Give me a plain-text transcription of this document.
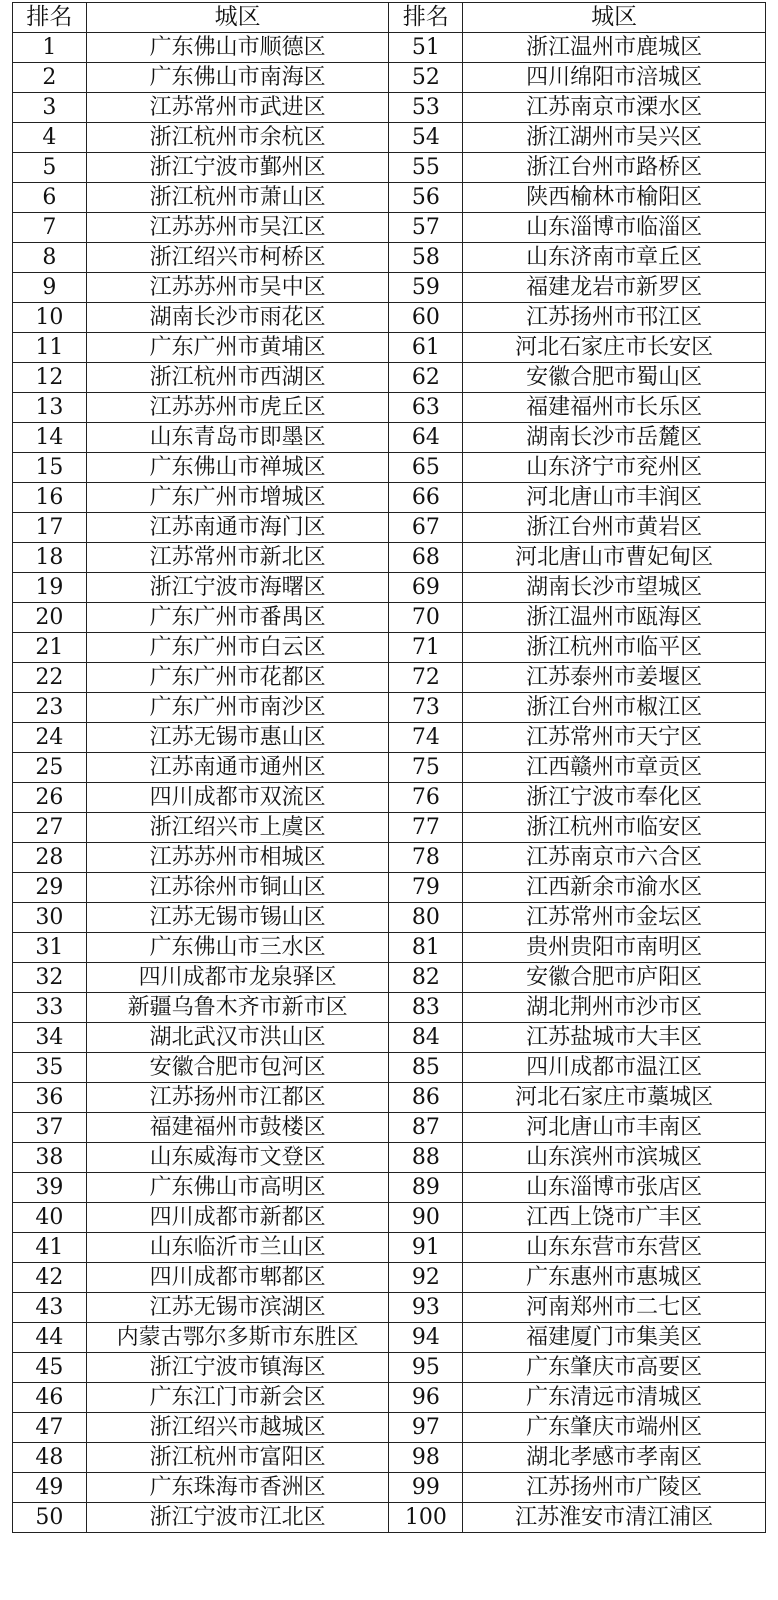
排名	城区	排名	城区
1	广东佛山市顺德区	51	浙江温州市鹿城区
2	广东佛山市南海区	52	四川绵阳市涪城区
3	江苏常州市武进区	53	江苏南京市溧水区
4	浙江杭州市余杭区	54	浙江湖州市吴兴区
5	浙江宁波市鄞州区	55	浙江台州市路桥区
6	浙江杭州市萧山区	56	陕西榆林市榆阳区
7	江苏苏州市吴江区	57	山东淄博市临淄区
8	浙江绍兴市柯桥区	58	山东济南市章丘区
9	江苏苏州市吴中区	59	福建龙岩市新罗区
10	湖南长沙市雨花区	60	江苏扬州市邗江区
11	广东广州市黄埔区	61	河北石家庄市长安区
12	浙江杭州市西湖区	62	安徽合肥市蜀山区
13	江苏苏州市虎丘区	63	福建福州市长乐区
14	山东青岛市即墨区	64	湖南长沙市岳麓区
15	广东佛山市禅城区	65	山东济宁市兖州区
16	广东广州市增城区	66	河北唐山市丰润区
17	江苏南通市海门区	67	浙江台州市黄岩区
18	江苏常州市新北区	68	河北唐山市曹妃甸区
19	浙江宁波市海曙区	69	湖南长沙市望城区
20	广东广州市番禺区	70	浙江温州市瓯海区
21	广东广州市白云区	71	浙江杭州市临平区
22	广东广州市花都区	72	江苏泰州市姜堰区
23	广东广州市南沙区	73	浙江台州市椒江区
24	江苏无锡市惠山区	74	江苏常州市天宁区
25	江苏南通市通州区	75	江西赣州市章贡区
26	四川成都市双流区	76	浙江宁波市奉化区
27	浙江绍兴市上虞区	77	浙江杭州市临安区
28	江苏苏州市相城区	78	江苏南京市六合区
29	江苏徐州市铜山区	79	江西新余市渝水区
30	江苏无锡市锡山区	80	江苏常州市金坛区
31	广东佛山市三水区	81	贵州贵阳市南明区
32	四川成都市龙泉驿区	82	安徽合肥市庐阳区
33	新疆乌鲁木齐市新市区	83	湖北荆州市沙市区
34	湖北武汉市洪山区	84	江苏盐城市大丰区
35	安徽合肥市包河区	85	四川成都市温江区
36	江苏扬州市江都区	86	河北石家庄市藁城区
37	福建福州市鼓楼区	87	河北唐山市丰南区
38	山东威海市文登区	88	山东滨州市滨城区
39	广东佛山市高明区	89	山东淄博市张店区
40	四川成都市新都区	90	江西上饶市广丰区
41	山东临沂市兰山区	91	山东东营市东营区
42	四川成都市郫都区	92	广东惠州市惠城区
43	江苏无锡市滨湖区	93	河南郑州市二七区
44	内蒙古鄂尔多斯市东胜区	94	福建厦门市集美区
45	浙江宁波市镇海区	95	广东肇庆市高要区
46	广东江门市新会区	96	广东清远市清城区
47	浙江绍兴市越城区	97	广东肇庆市端州区
48	浙江杭州市富阳区	98	湖北孝感市孝南区
49	广东珠海市香洲区	99	江苏扬州市广陵区
50	浙江宁波市江北区	100	江苏淮安市清江浦区
